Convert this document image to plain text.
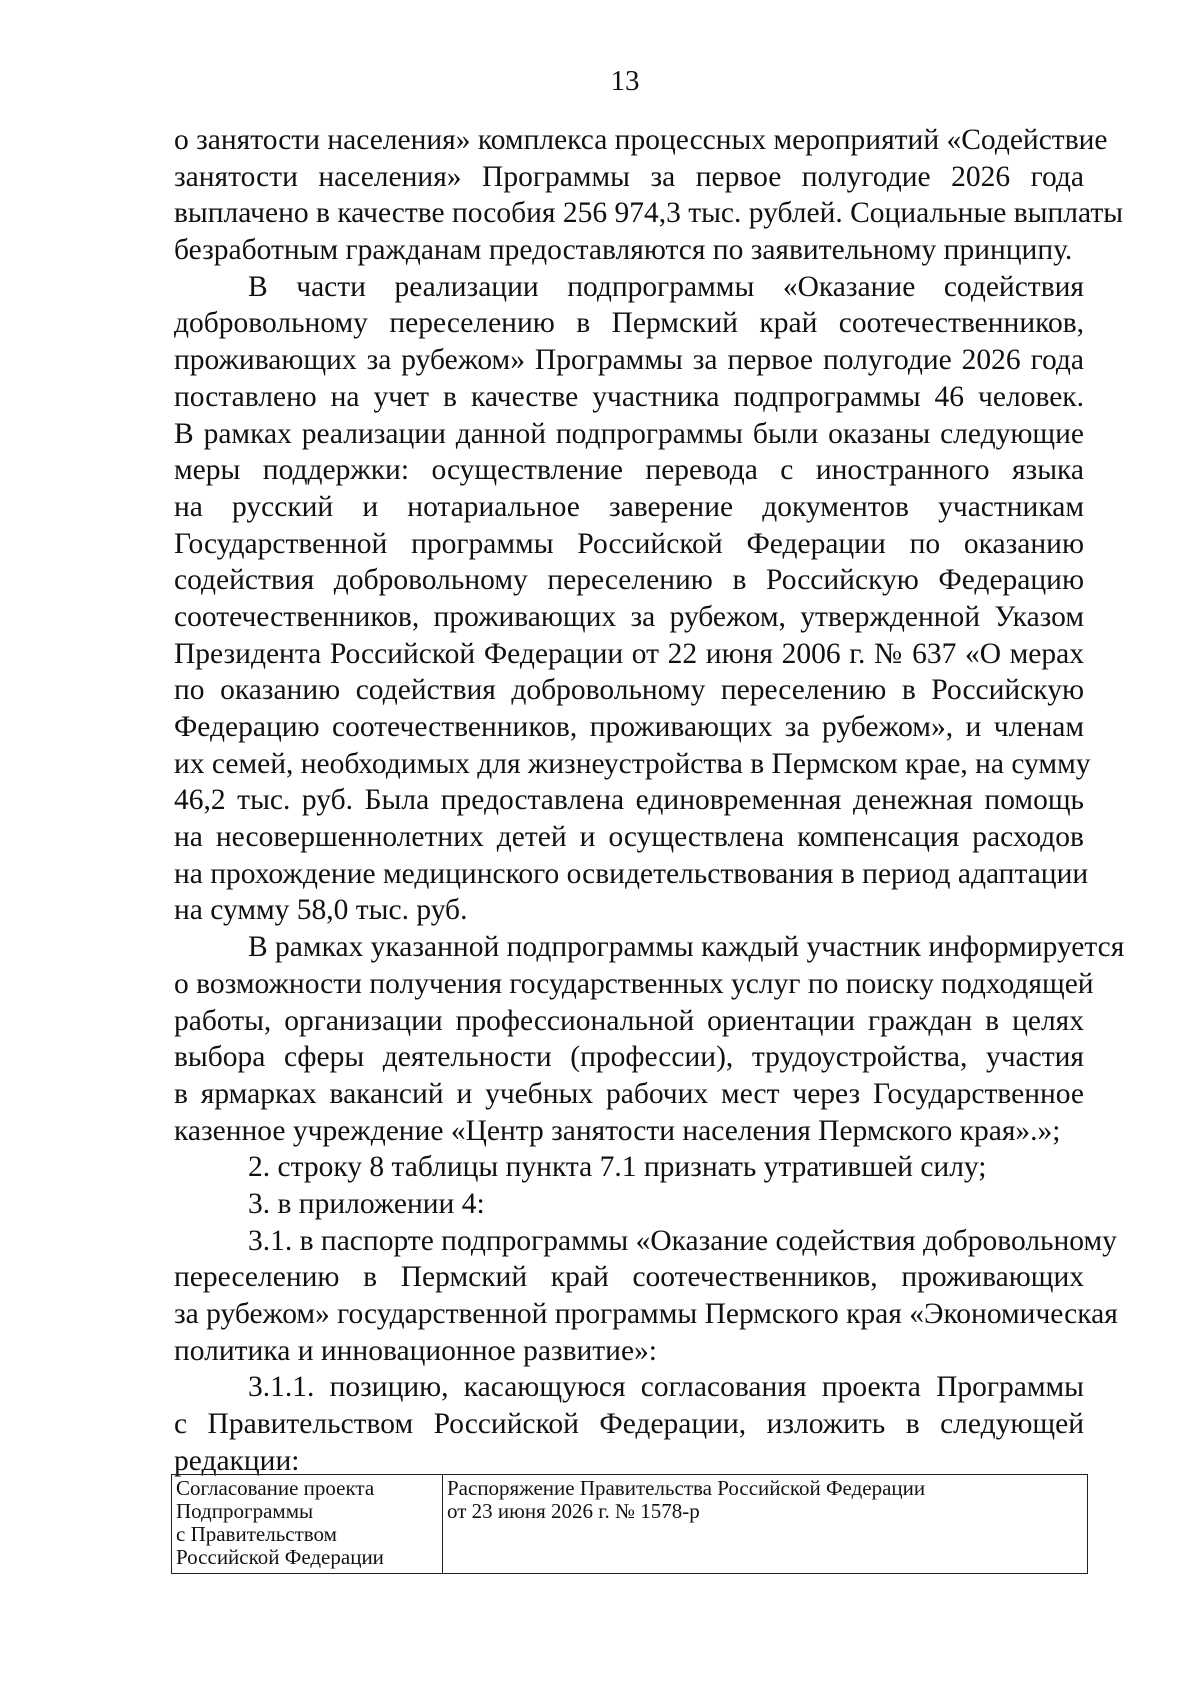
13
о занятости населения» комплекса процессных мероприятий «Содействие
занятости населения» Программы за первое полугодие 2026 года
выплачено в качестве пособия 256 974,3 тыс. рублей. Социальные выплаты
безработным гражданам предоставляются по заявительному принципу.
В части реализации подпрограммы «Оказание содействия
добровольному переселению в Пермский край соотечественников,
проживающих за рубежом» Программы за первое полугодие 2026 года
поставлено на учет в качестве участника подпрограммы 46 человек.
В рамках реализации данной подпрограммы были оказаны следующие
меры поддержки: осуществление перевода с иностранного языка
на русский и нотариальное заверение документов участникам
Государственной программы Российской Федерации по оказанию
содействия добровольному переселению в Российскую Федерацию
соотечественников, проживающих за рубежом, утвержденной Указом
Президента Российской Федерации от 22 июня 2006 г. № 637 «О мерах
по оказанию содействия добровольному переселению в Российскую
Федерацию соотечественников, проживающих за рубежом», и членам
их семей, необходимых для жизнеустройства в Пермском крае, на сумму
46,2 тыс. руб. Была предоставлена единовременная денежная помощь
на несовершеннолетних детей и осуществлена компенсация расходов
на прохождение медицинского освидетельствования в период адаптации
на сумму 58,0 тыс. руб.
В рамках указанной подпрограммы каждый участник информируется
о возможности получения государственных услуг по поиску подходящей
работы, организации профессиональной ориентации граждан в целях
выбора сферы деятельности (профессии), трудоустройства, участия
в ярмарках вакансий и учебных рабочих мест через Государственное
казенное учреждение «Центр занятости населения Пермского края».»;
2. строку 8 таблицы пункта 7.1 признать утратившей силу;
3. в приложении 4:
3.1. в паспорте подпрограммы «Оказание содействия добровольному
переселению в Пермский край соотечественников, проживающих
за рубежом» государственной программы Пермского края «Экономическая
политика и инновационное развитие»:
3.1.1. позицию, касающуюся согласования проекта Программы
с Правительством Российской Федерации, изложить в следующей
редакции:
Согласование проекта
Подпрограммы
с Правительством
Российской Федерации	Распоряжение Правительства Российской Федерации
от 23 июня 2026 г. № 1578-р
